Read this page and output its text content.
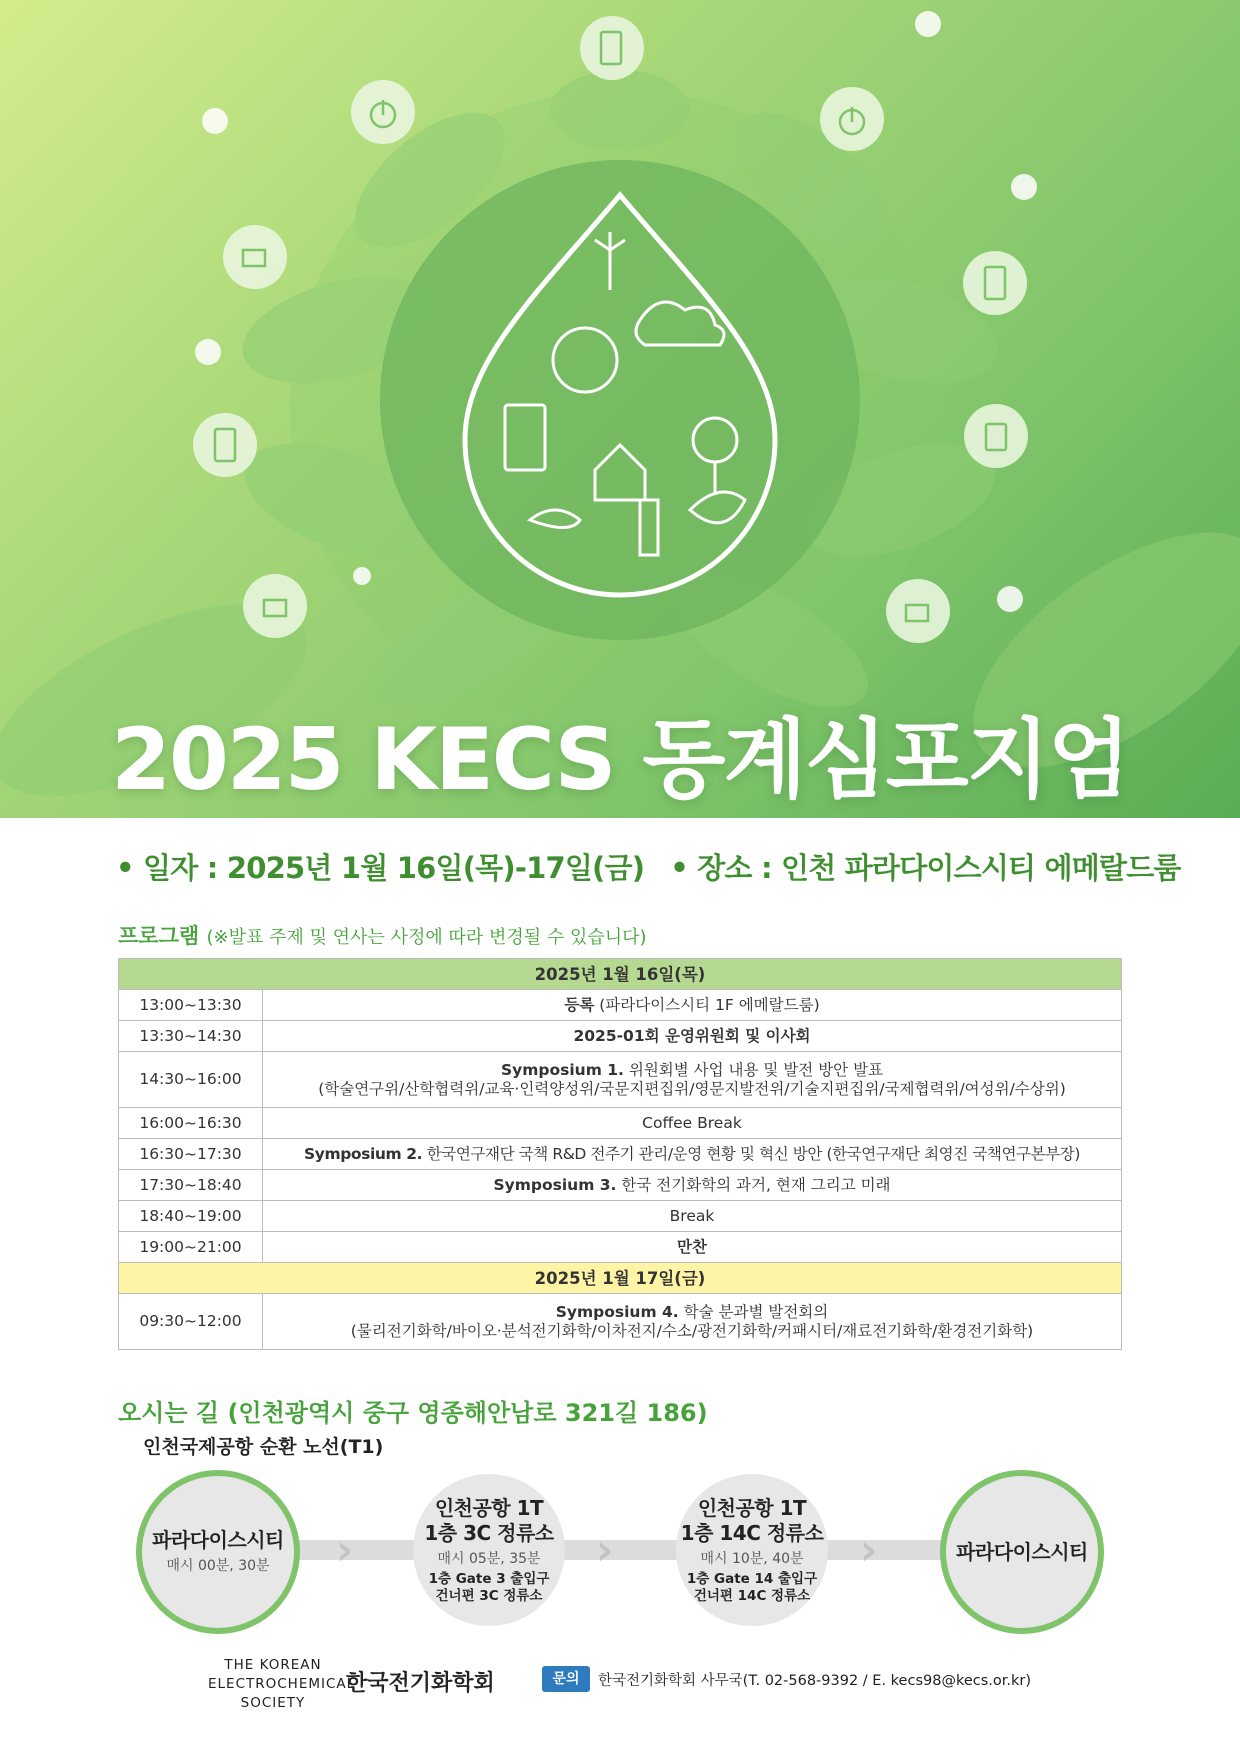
2025 KECS 동계심포지엄
• 일자 : 2025년 1월 16일(목)-17일(금) • 장소 : 인천 파라다이스시티 에메랄드룸
프로그램 (※발표 주제 및 연사는 사정에 따라 변경될 수 있습니다)
2025년 1월 16일(목)	
13:00~13:30	등록 (파라다이스시티 1F 에메랄드룸)
13:30~14:30	2025-01회 운영위원회 및 이사회
14:30~16:00	Symposium 1. 위원회별 사업 내용 및 발전 방안 발표
(학술연구위/산학협력위/교육·인력양성위/국문지편집위/영문지발전위/기술지편집위/국제협력위/여성위/수상위)
16:00~16:30	Coffee Break
16:30~17:30	Symposium 2. 한국연구재단 국책 R&D 전주기 관리/운영 현황 및 혁신 방안 (한국연구재단 최영진 국책연구본부장)
17:30~18:40	Symposium 3. 한국 전기화학의 과거, 현재 그리고 미래
18:40~19:00	Break
19:00~21:00	만찬
2025년 1월 17일(금)	
09:30~12:00	Symposium 4. 학술 분과별 발전회의
(물리전기화학/바이오·분석전기화학/이차전지/수소/광전기화학/커패시터/재료전기화학/환경전기화학)
오시는 길 (인천광역시 중구 영종해안남로 321길 186)
인천국제공항 순환 노선(T1)
›	›	›
파라다이스시티
매시 00분, 30분
인천공항 1T
1층 3C 정류소
매시 05분, 35분
1층 Gate 3 출입구
건너편 3C 정류소
인천공항 1T
1층 14C 정류소
매시 10분, 40분
1층 Gate 14 출입구
건너편 14C 정류소
파라다이스시티
THE KOREAN
ELECTROCHEMICAL
SOCIETY
한국전기화학회	문의	한국전기화학회 사무국(T. 02-568-9392 / E. kecs98@kecs.or.kr)
